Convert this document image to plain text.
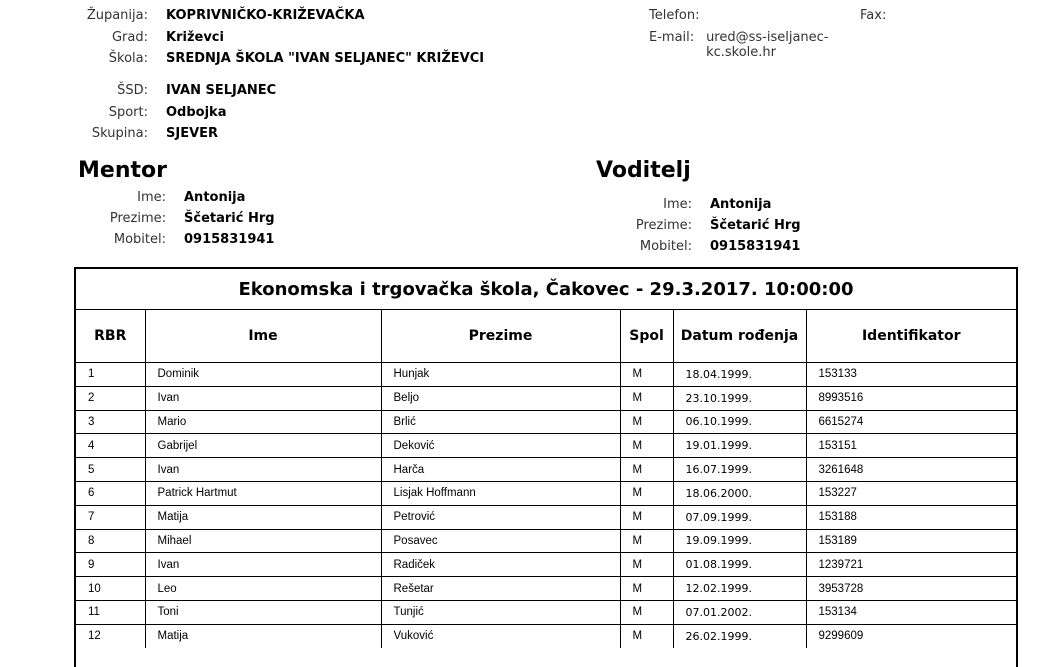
Županija:	KOPRIVNIČKO-KRIŽEVAČKA
Grad:	Križevci
Škola:	SREDNJA ŠKOLA "IVAN SELJANEC" KRIŽEVCI
ŠSD:	IVAN SELJANEC
Sport:	Odbojka
Skupina:	SJEVER
Telefon:
E-mail: ured@ss-iseljanec-kc.skole.hr
Fax:
Mentor
Ime:	Antonija
Prezime:	Ščetarić Hrg
Mobitel:	0915831941
Voditelj
Ime:	Antonija
Prezime:	Ščetarić Hrg
Mobitel:	0915831941
Ekonomska i trgovačka škola, Čakovec - 29.3.2017. 10:00:00
RBR	Ime	Prezime	Spol	Datum rođenja	Identifikator
1	Dominik	Hunjak	M	18.04.1999.	153133
2	Ivan	Beljo	M	23.10.1999.	8993516
3	Mario	Brlić	M	06.10.1999.	6615274
4	Gabrijel	Deković	M	19.01.1999.	153151
5	Ivan	Harča	M	16.07.1999.	3261648
6	Patrick Hartmut	Lisjak Hoffmann	M	18.06.2000.	153227
7	Matija	Petrović	M	07.09.1999.	153188
8	Mihael	Posavec	M	19.09.1999.	153189
9	Ivan	Radiček	M	01.08.1999.	1239721
10	Leo	Rešetar	M	12.02.1999.	3953728
11	Toni	Tunjić	M	07.01.2002.	153134
12	Matija	Vuković	M	26.02.1999.	9299609
